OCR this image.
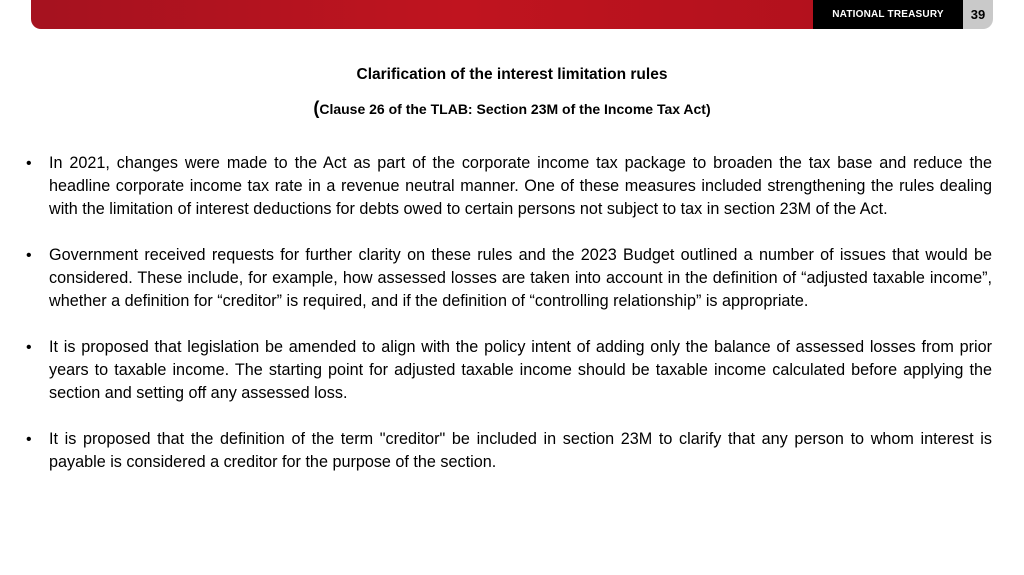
NATIONAL TREASURY	39
Clarification of the interest limitation rules
(Clause 26 of the TLAB: Section 23M of the Income Tax Act)
• In 2021, changes were made to the Act as part of the corporate income tax package to broaden the tax base and reduce the headline corporate income tax rate in a revenue neutral manner. One of these measures included strengthening the rules dealing with the limitation of interest deductions for debts owed to certain persons not subject to tax in section 23M of the Act.
• Government received requests for further clarity on these rules and the 2023 Budget outlined a number of issues that would be considered. These include, for example, how assessed losses are taken into account in the definition of “adjusted taxable income”, whether a definition for “creditor” is required, and if the definition of “controlling relationship” is appropriate.
• It is proposed that legislation be amended to align with the policy intent of adding only the balance of assessed losses from prior years to taxable income. The starting point for adjusted taxable income should be taxable income calculated before applying the section and setting off any assessed loss.
• It is proposed that the definition of the term "creditor" be included in section 23M to clarify that any person to whom interest is payable is considered a creditor for the purpose of the section.
